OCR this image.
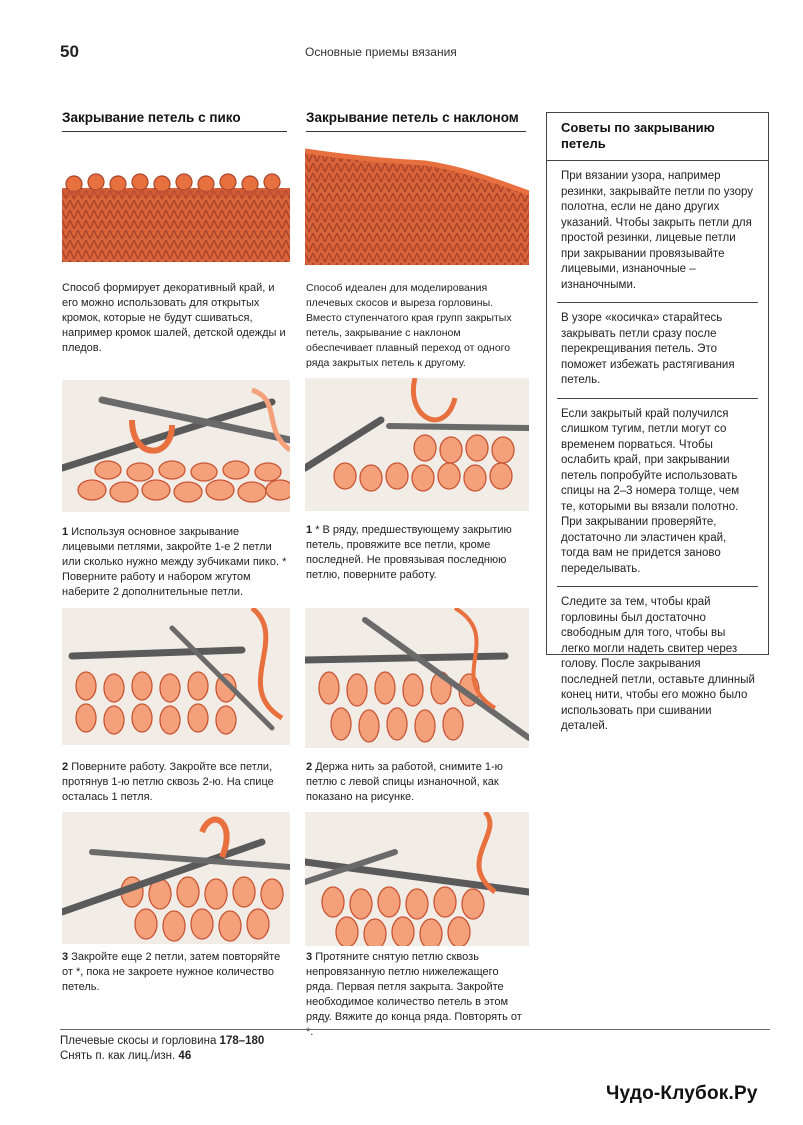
50	Основные приемы вязания
Закрывание петель с пико
Способ формирует декоративный край, и его можно использовать для открытых кромок, которые не будут сшиваться, например кромок шалей, детской одежды и пледов.
1 Используя основное закрывание лицевыми петлями, закройте 1-е 2 петли или сколько нужно между зубчиками пико. * Поверните работу и набором жгутом наберите 2 дополнительные петли.
2 Поверните работу. Закройте все петли, протянув 1-ю петлю сквозь 2-ю. На спице осталась 1 петля.
3 Закройте еще 2 петли, затем повторяйте от *, пока не закроете нужное количество петель.
Закрывание петель с наклоном
Способ идеален для моделирования плечевых скосов и выреза горловины. Вместо ступенчатого края групп закрытых петель, закрывание с наклоном обеспечивает плавный переход от одного ряда закрытых петель к другому.
1 * В ряду, предшествующему закрытию петель, провяжите все петли, кроме последней. Не провязывая последнюю петлю, поверните работу.
2 Держа нить за работой, снимите 1-ю петлю с левой спицы изнаночной, как показано на рисунке.
3 Протяните снятую петлю сквозь непровязанную петлю нижележащего ряда. Первая петля закрыта. Закройте необходимое количество петель в этом ряду. Вяжите до конца ряда. Повторять от *.
Советы по закрыванию петель
При вязании узора, например резинки, закрывайте петли по узору полотна, если не дано других указаний. Чтобы закрыть петли для простой резинки, лицевые петли при закрывании провязывайте лицевыми, изнаночные – изнаночными.
В узоре «косичка» старайтесь закрывать петли сразу после перекрещивания петель. Это поможет избежать растягивания петель.
Если закрытый край получился слишком тугим, петли могут со временем порваться. Чтобы ослабить край, при закрывании петель попробуйте использовать спицы на 2–3 номера толще, чем те, которыми вы вязали полотно. При закрывании проверяйте, достаточно ли эластичен край, тогда вам не придется заново переделывать.
Следите за тем, чтобы край горловины был достаточно свободным для того, чтобы вы легко могли надеть свитер через голову. После закрывания последней петли, оставьте длинный конец нити, чтобы его можно было использовать при сшивании деталей.
Плечевые скосы и горловина 178–180
Снять п. как лиц./изн. 46
Чудо-Клубок.Ру
